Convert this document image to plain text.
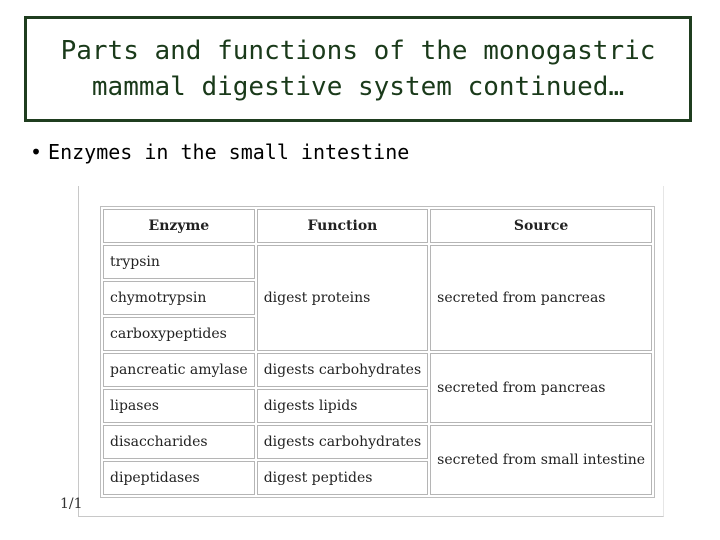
Parts and functions of the monogastric
mammal digestive system continued…
• Enzymes in the small intestine
1/1
Enzyme	Function	Source
trypsin	digest proteins	secreted from pancreas
chymotrypsin		
carboxypeptides		
pancreatic amylase	digests carbohydrates	secreted from pancreas
lipases	digests lipids	
disaccharides	digests carbohydrates	secreted from small intestine
dipeptidases	digest peptides	
